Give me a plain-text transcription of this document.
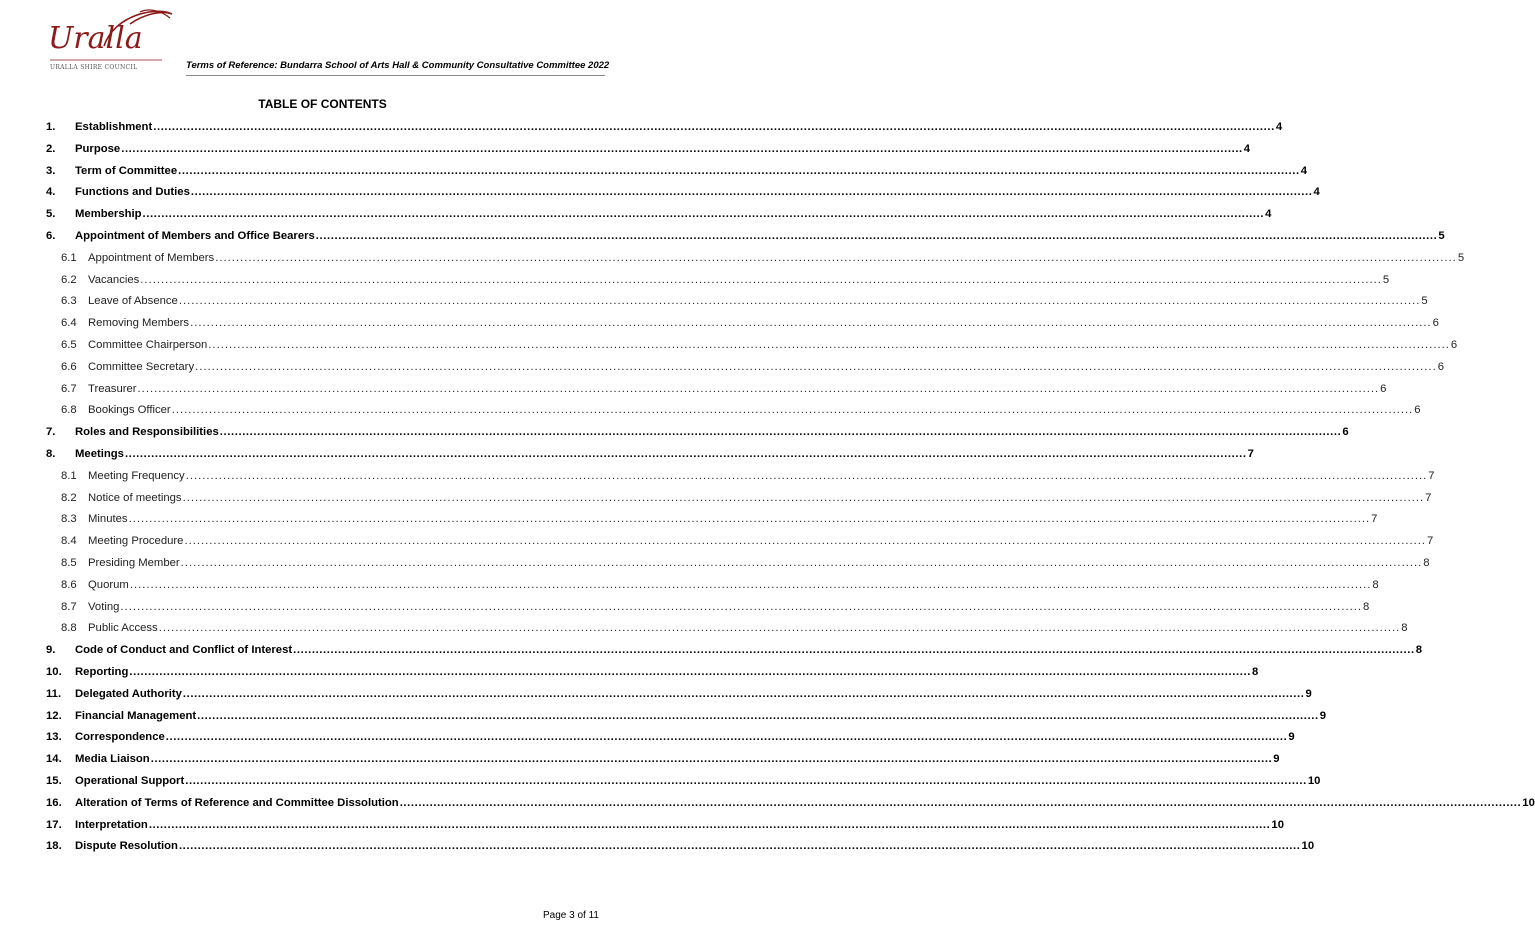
Uralla
URALLA SHIRE COUNCIL	Terms of Reference: Bundarra School of Arts Hall & Community Consultative Committee 2022
TABLE OF CONTENTS
1.	Establishment ............................................................................................................................................................................................................................................................................................................ 4
2.	Purpose ............................................................................................................................................................................................................................................................................................................ 4
3.	Term of Committee ............................................................................................................................................................................................................................................................................................................ 4
4.	Functions and Duties ............................................................................................................................................................................................................................................................................................................ 4
5.	Membership ............................................................................................................................................................................................................................................................................................................ 4
6.	Appointment of Members and Office Bearers ............................................................................................................................................................................................................................................................................................................ 5
6.1 Appointment of Members ............................................................................................................................................................................................................................................................................................................ 5
6.2 Vacancies ............................................................................................................................................................................................................................................................................................................ 5
6.3 Leave of Absence ............................................................................................................................................................................................................................................................................................................ 5
6.4 Removing Members ............................................................................................................................................................................................................................................................................................................ 6
6.5 Committee Chairperson ............................................................................................................................................................................................................................................................................................................ 6
6.6 Committee Secretary ............................................................................................................................................................................................................................................................................................................ 6
6.7 Treasurer ............................................................................................................................................................................................................................................................................................................ 6
6.8 Bookings Officer ............................................................................................................................................................................................................................................................................................................ 6
7.	Roles and Responsibilities ............................................................................................................................................................................................................................................................................................................ 6
8.	Meetings ............................................................................................................................................................................................................................................................................................................ 7
8.1 Meeting Frequency ............................................................................................................................................................................................................................................................................................................ 7
8.2 Notice of meetings ............................................................................................................................................................................................................................................................................................................ 7
8.3 Minutes ............................................................................................................................................................................................................................................................................................................ 7
8.4 Meeting Procedure ............................................................................................................................................................................................................................................................................................................ 7
8.5 Presiding Member ............................................................................................................................................................................................................................................................................................................ 8
8.6 Quorum ............................................................................................................................................................................................................................................................................................................ 8
8.7 Voting ............................................................................................................................................................................................................................................................................................................ 8
8.8 Public Access ............................................................................................................................................................................................................................................................................................................ 8
9.	Code of Conduct and Conflict of Interest ............................................................................................................................................................................................................................................................................................................ 8
10.	Reporting ............................................................................................................................................................................................................................................................................................................ 8
11.	Delegated Authority ............................................................................................................................................................................................................................................................................................................ 9
12.	Financial Management ............................................................................................................................................................................................................................................................................................................ 9
13.	Correspondence ............................................................................................................................................................................................................................................................................................................ 9
14.	Media Liaison ............................................................................................................................................................................................................................................................................................................ 9
15.	Operational Support ............................................................................................................................................................................................................................................................................................................ 10
16.	Alteration of Terms of Reference and Committee Dissolution ............................................................................................................................................................................................................................................................................................................ 10
17.	Interpretation ............................................................................................................................................................................................................................................................................................................ 10
18.	Dispute Resolution ............................................................................................................................................................................................................................................................................................................ 10
Page 3 of 11
